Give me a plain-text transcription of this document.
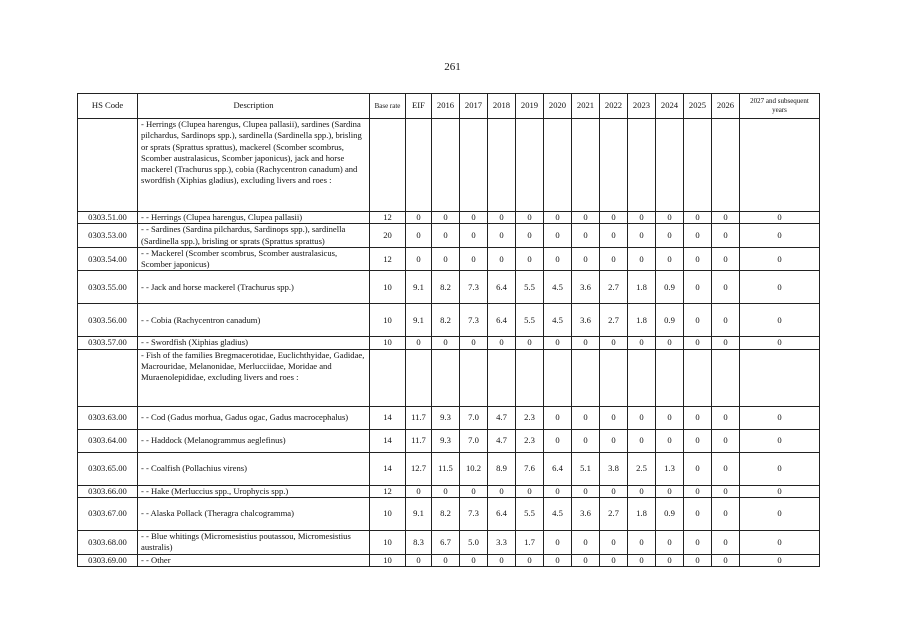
261
HS Code	Description	Base rate	EIF	2016	2017	2018	2019	2020	2021	2022	2023	2024	2025	2026	2027 and subsequent years
	- Herrings (Clupea harengus, Clupea pallasii), sardines (Sardina pilchardus, Sardinops spp.), sardinella (Sardinella spp.), brisling or sprats (Sprattus sprattus), mackerel (Scomber scombrus, Scomber australasicus, Scomber japonicus), jack and horse mackerel (Trachurus spp.), cobia (Rachycentron canadum) and swordfish (Xiphias gladius), excluding livers and roes :														
0303.51.00	- - Herrings (Clupea harengus, Clupea pallasii)	12	0	0	0	0	0	0	0	0	0	0	0	0	0
0303.53.00	- - Sardines (Sardina pilchardus, Sardinops spp.), sardinella (Sardinella spp.), brisling or sprats (Sprattus sprattus)	20	0	0	0	0	0	0	0	0	0	0	0	0	0
0303.54.00	- - Mackerel (Scomber scombrus, Scomber australasicus, Scomber japonicus)	12	0	0	0	0	0	0	0	0	0	0	0	0	0
0303.55.00	- - Jack and horse mackerel (Trachurus spp.)	10	9.1	8.2	7.3	6.4	5.5	4.5	3.6	2.7	1.8	0.9	0	0	0
0303.56.00	- - Cobia (Rachycentron canadum)	10	9.1	8.2	7.3	6.4	5.5	4.5	3.6	2.7	1.8	0.9	0	0	0
0303.57.00	- - Swordfish (Xiphias gladius)	10	0	0	0	0	0	0	0	0	0	0	0	0	0
	- Fish of the families Bregmacerotidae, Euclichthyidae, Gadidae, Macrouridae, Melanonidae, Merlucciidae, Moridae and Muraenolepididae, excluding livers and roes :														
0303.63.00	- - Cod (Gadus morhua, Gadus ogac, Gadus macrocephalus)	14	11.7	9.3	7.0	4.7	2.3	0	0	0	0	0	0	0	0
0303.64.00	- - Haddock (Melanogrammus aeglefinus)	14	11.7	9.3	7.0	4.7	2.3	0	0	0	0	0	0	0	0
0303.65.00	- - Coalfish (Pollachius virens)	14	12.7	11.5	10.2	8.9	7.6	6.4	5.1	3.8	2.5	1.3	0	0	0
0303.66.00	- - Hake (Merluccius spp., Urophycis spp.)	12	0	0	0	0	0	0	0	0	0	0	0	0	0
0303.67.00	- - Alaska Pollack (Theragra chalcogramma)	10	9.1	8.2	7.3	6.4	5.5	4.5	3.6	2.7	1.8	0.9	0	0	0
0303.68.00	- - Blue whitings (Micromesistius poutassou, Micromesistius australis)	10	8.3	6.7	5.0	3.3	1.7	0	0	0	0	0	0	0	0
0303.69.00	- - Other	10	0	0	0	0	0	0	0	0	0	0	0	0	0
